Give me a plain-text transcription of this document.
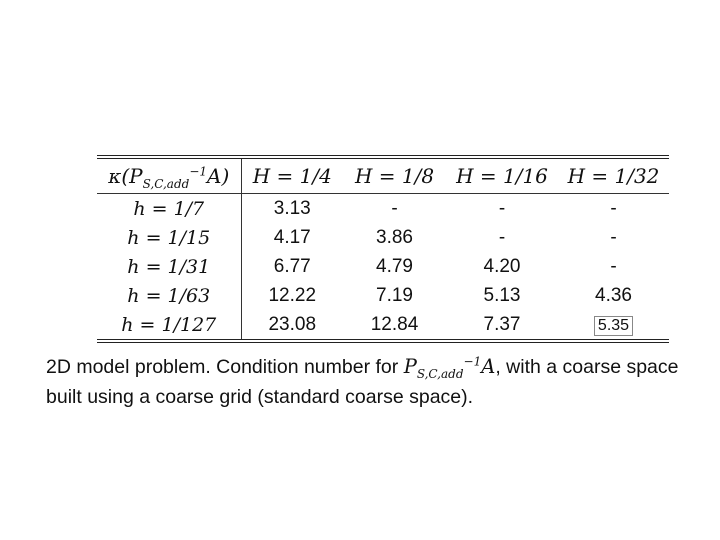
$\kappa(P_{S,C,add}^{-1}A)$	H = 1/4	H = 1/8	H = 1/16	H = 1/32
h = 1/7	3.13	-	-	-
h = 1/15	4.17	3.86	-	-
h = 1/31	6.77	4.79	4.20	-
h = 1/63	12.22	7.19	5.13	4.36
h = 1/127	23.08	12.84	7.37	5.35
2D model problem. Condition number for $P_{S,C,add}^{-1}A$, with a coarse space built using a coarse grid (standard coarse space).
